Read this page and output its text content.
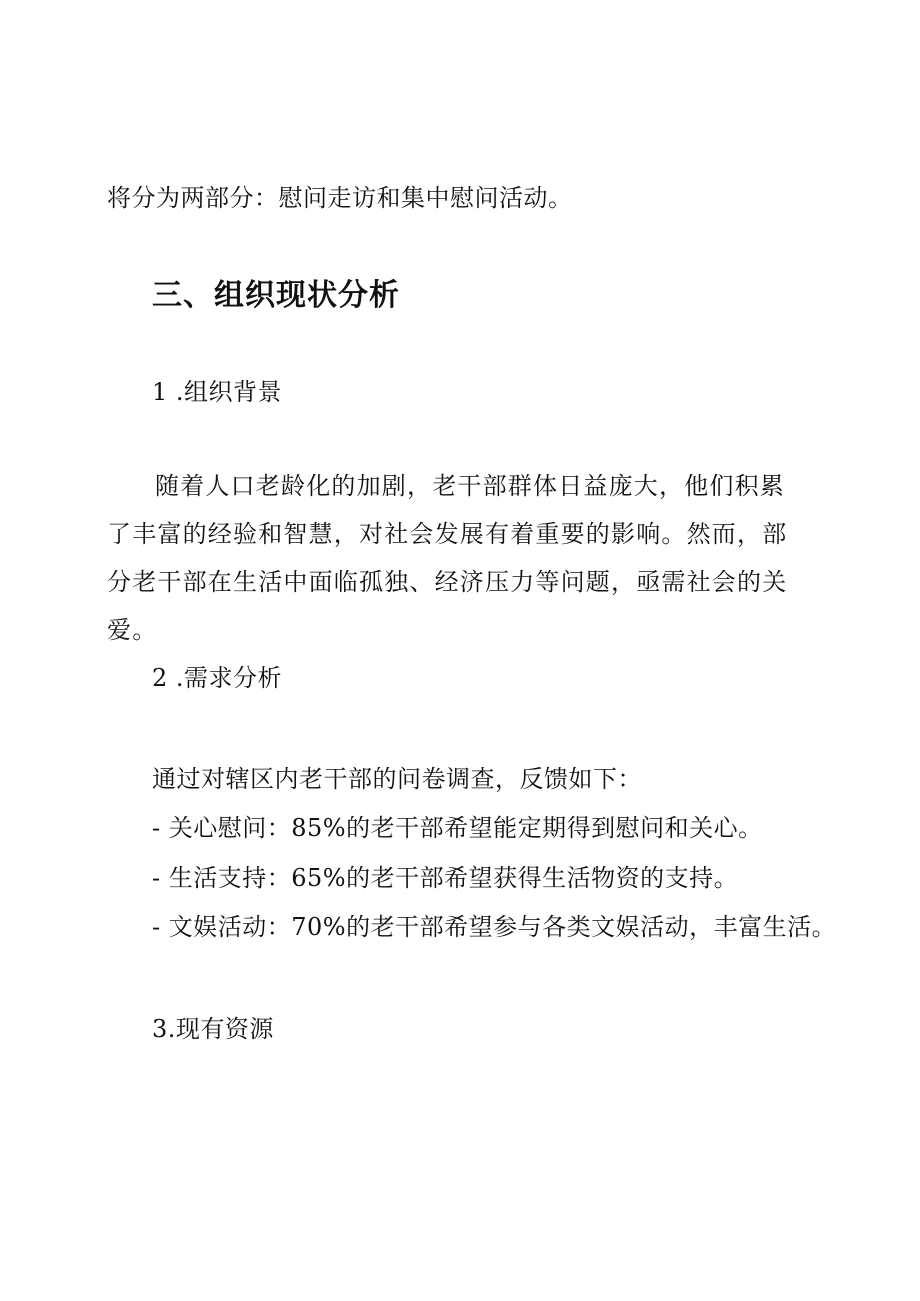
将分为两部分：慰问走访和集中慰问活动。
三、组织现状分析
1 .组织背景

随着人口老龄化的加剧，老干部群体日益庞大，他们积累了丰富的经验和智慧，对社会发展有着重要的影响。然而，部分老干部在生活中面临孤独、经济压力等问题，亟需社会的关爱。

2 .需求分析
通过对辖区内老干部的问卷调查，反馈如下：
- 关心慰问：85%的老干部希望能定期得到慰问和关心。
- 生活支持：65%的老干部希望获得生活物资的支持。
- 文娱活动：70%的老干部希望参与各类文娱活动，丰富生活。
3.现有资源
